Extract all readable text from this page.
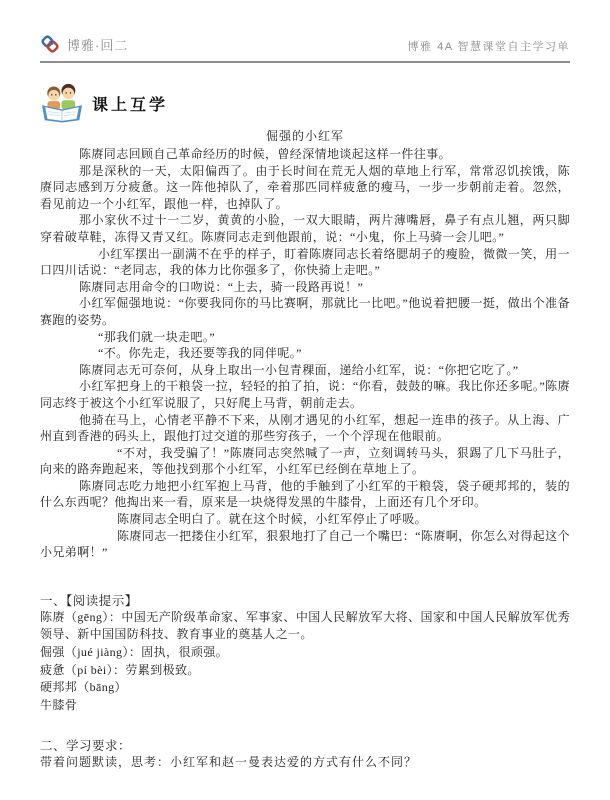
博雅·回二	博雅 4A 智慧课堂自主学习单
课上互学
倔强的小红军

陈赓同志回顾自己革命经历的时候，曾经深情地谈起这样一件往事。

那是深秋的一天，太阳偏西了。由于长时间在荒无人烟的草地上行军，常常忍饥挨饿，陈赓同志感到万分疲惫。这一阵他掉队了，牵着那匹同样疲惫的瘦马，一步一步朝前走着。忽然，看见前边一个小红军，跟他一样，也掉队了。

那小家伙不过十一二岁，黄黄的小脸，一双大眼睛，两片薄嘴唇，鼻子有点儿翘，两只脚穿着破草鞋，冻得又青又红。陈赓同志走到他跟前，说：“小鬼，你上马骑一会儿吧。”

小红军摆出一副满不在乎的样子，盯着陈赓同志长着络腮胡子的瘦脸，微微一笑，用一口四川话说：“老同志，我的体力比你强多了，你快骑上走吧。”

陈赓同志用命令的口吻说：“上去，骑一段路再说！”

小红军倔强地说：“你要我同你的马比赛啊，那就比一比吧。”他说着把腰一挺，做出个准备赛跑的姿势。

“那我们就一块走吧。”

“不。你先走，我还要等我的同伴呢。”

陈赓同志无可奈何，从身上取出一小包青稞面，递给小红军，说：“你把它吃了。”

小红军把身上的干粮袋一拉，轻轻的拍了拍，说：“你看，鼓鼓的嘛。我比你还多呢。”陈赓同志终于被这个小红军说服了，只好爬上马背，朝前走去。

他骑在马上，心情老平静不下来，从刚才遇见的小红军，想起一连串的孩子。从上海、广州直到香港的码头上，跟他打过交道的那些穷孩子，一个个浮现在他眼前。

“不对，我受骗了！”陈赓同志突然喊了一声，立刻调转马头，狠踢了几下马肚子，向来的路奔跑起来，等他找到那个小红军，小红军已经倒在草地上了。

陈赓同志吃力地把小红军抱上马背，他的手触到了小红军的干粮袋，袋子硬邦邦的，装的什么东西呢？他掏出来一看，原来是一块烧得发黑的牛膝骨，上面还有几个牙印。

陈赓同志全明白了。就在这个时候，小红军停止了呼吸。

陈赓同志一把搂住小红军，狠狠地打了自己一个嘴巴：“陈赓啊，你怎么对得起这个小兄弟啊！”

一、【阅读提示】

陈赓（gēng）：中国无产阶级革命家、军事家、中国人民解放军大将、国家和中国人民解放军优秀领导、新中国国防科技、教育事业的奠基人之一。

倔强（jué jiàng）：固执，很顽强。

疲惫（pí bèi）：劳累到极致。

硬邦邦（bāng）

牛膝骨

二、学习要求：

带着问题默读，思考：小红军和赵一曼表达爱的方式有什么不同？
